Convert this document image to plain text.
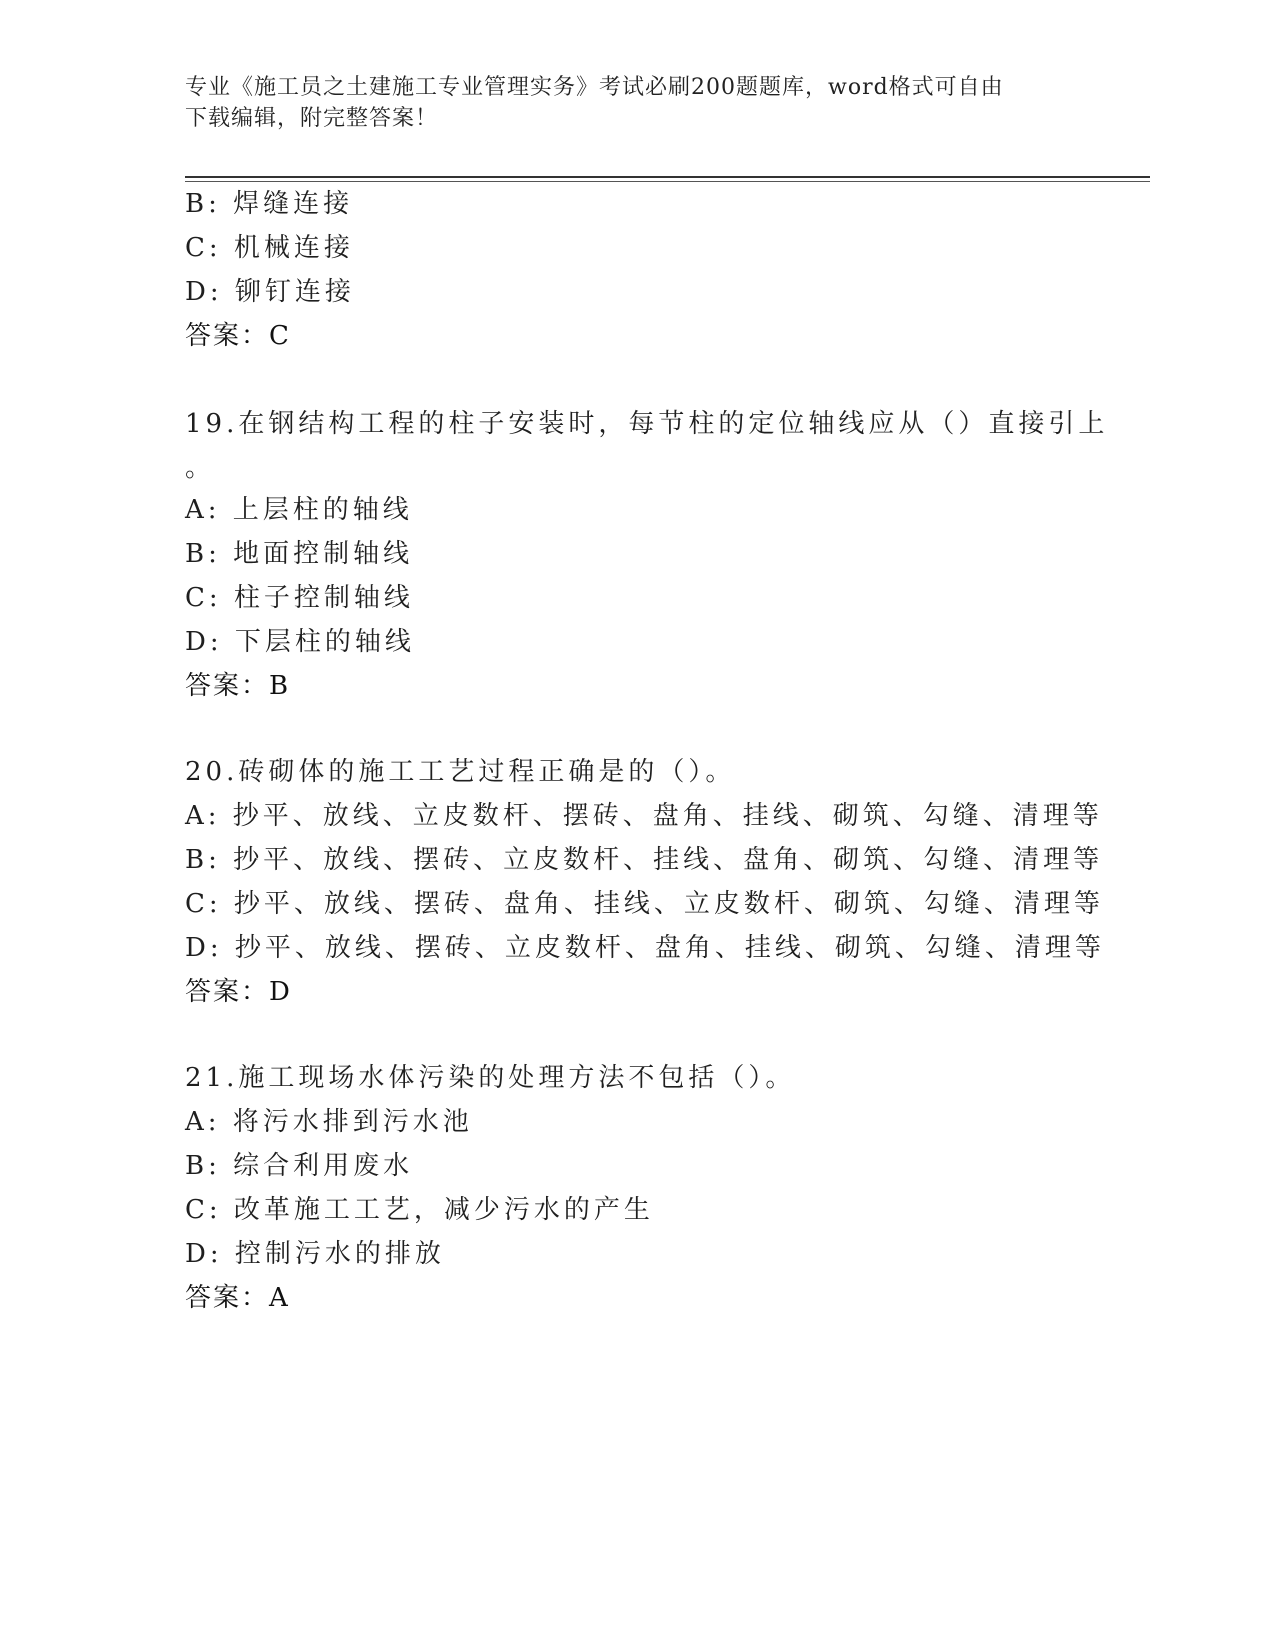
专业《施工员之土建施工专业管理实务》考试必刷200题题库，word格式可自由
下载编辑，附完整答案！
B: 焊缝连接
C: 机械连接
D: 铆钉连接
答案：C
19.在钢结构工程的柱子安装时，每节柱的定位轴线应从（）直接引上
。
A: 上层柱的轴线
B: 地面控制轴线
C: 柱子控制轴线
D: 下层柱的轴线
答案：B
20.砖砌体的施工工艺过程正确是的（）。
A: 抄平、放线、立皮数杆、摆砖、盘角、挂线、砌筑、勾缝、清理等
B: 抄平、放线、摆砖、立皮数杆、挂线、盘角、砌筑、勾缝、清理等
C: 抄平、放线、摆砖、盘角、挂线、立皮数杆、砌筑、勾缝、清理等
D: 抄平、放线、摆砖、立皮数杆、盘角、挂线、砌筑、勾缝、清理等
答案：D
21.施工现场水体污染的处理方法不包括（）。
A: 将污水排到污水池
B: 综合利用废水
C: 改革施工工艺，减少污水的产生
D: 控制污水的排放
答案：A
